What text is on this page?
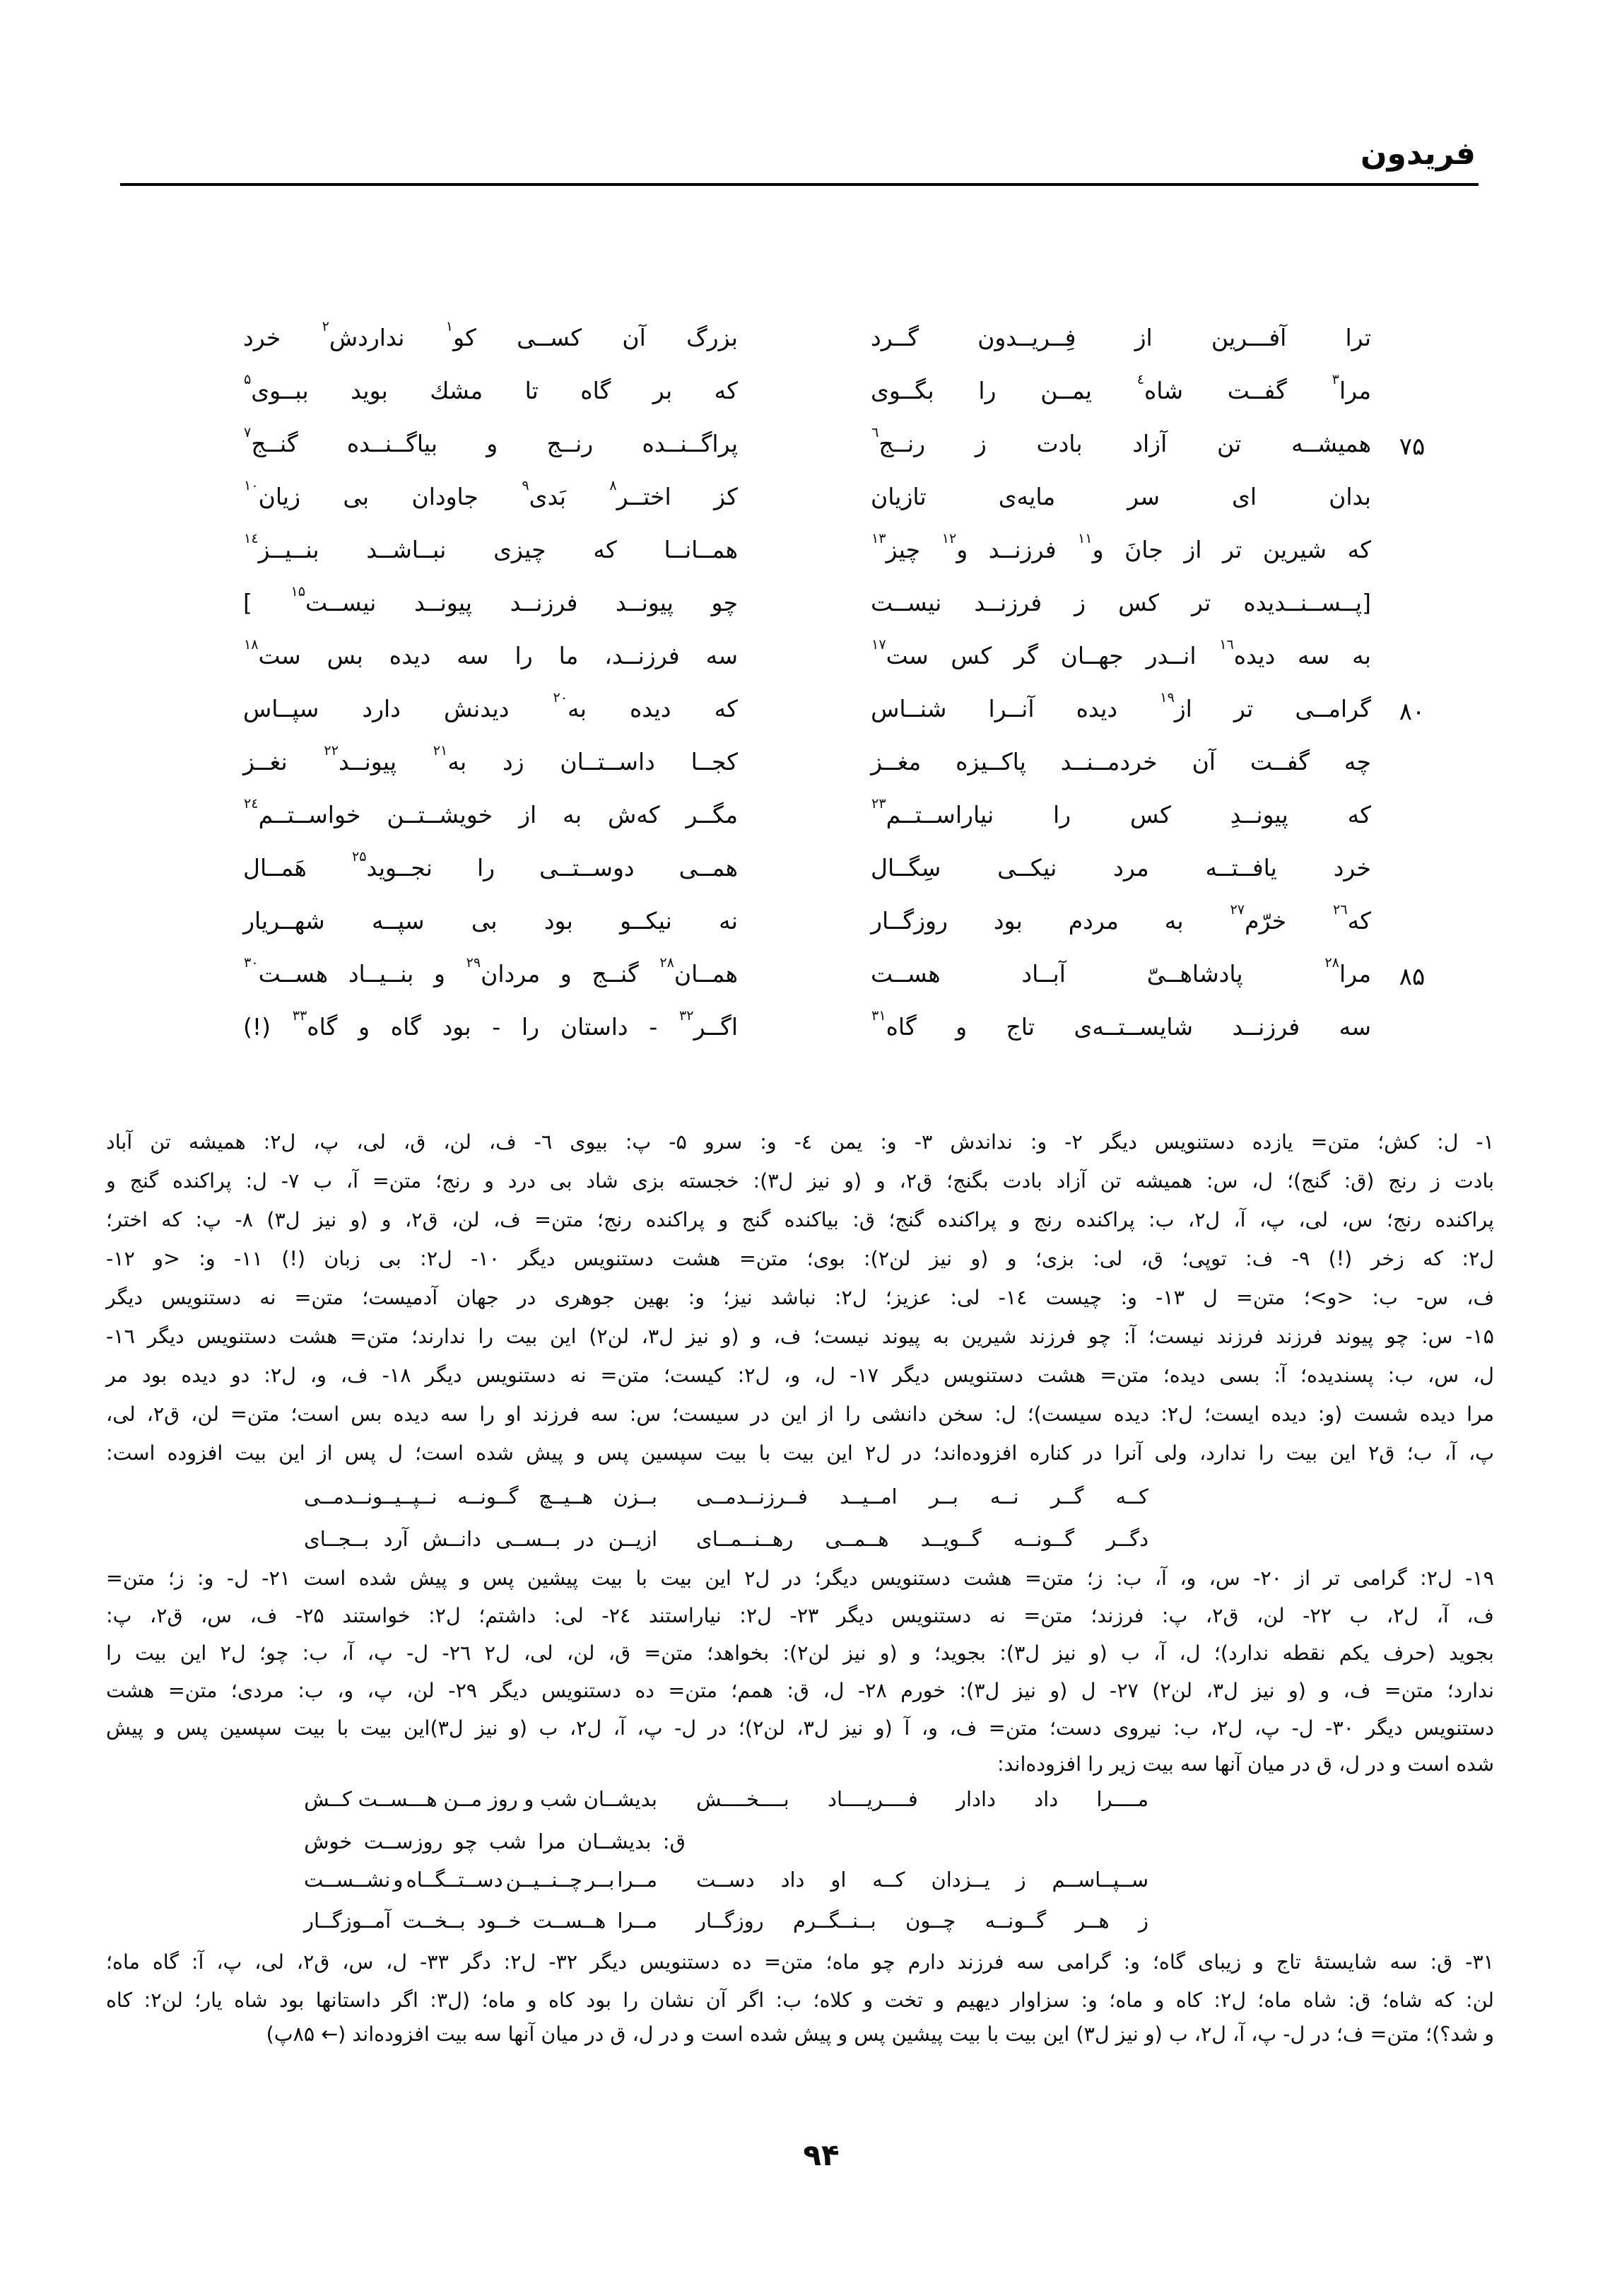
فریدون
ترا
آفـــرین
از
فِــریــدون
گــرد
بزرگ
آن
کســی
کو$^۱$
نداردش$^۲$
خرد
مرا$^۳$
گفــت
شاه$^٤$
یمــن
را
بگــوی
که
بر
گاه
تا
مشك
بوید
ببــوی$^۵$
۷۵
همیشــه
تن
آزاد
بادت
ز
رنــج$^٦$
پراگــنــده
رنــج
و
بیاگــنــده
گنــج$^۷$
بدان
ای
سر
مایه‌ی
تازیان
کز
اختــر$^۸$
بَدی$^۹$
جاودان
بی
زیان$^{۱۰}$
که
شیرین
تر
از
جانَ
و$^{۱۱}$
فرزنــد
و$^{۱۲}$
چیز$^{۱۳}$
همــانــا
که
چیزی
نبــاشــد
بنــیــز$^{۱٤}$
[پــســنــدیده
تر
کس
ز
فرزنــد
نیســت
چو
پیونــد
فرزنــد
پیونــد
نیســت$^{۱۵}$
]
به
سه
دیده$^{۱٦}$
انــدر
جهــان
گر
کس
ست$^{۱۷}$
سه
فرزنــد،
ما
را
سه
دیده
بس
ست$^{۱۸}$
۸۰
گرامــی
تر
از$^{۱۹}$
دیده
آنــرا
شنــاس
که
دیده
به$^{۲۰}$
دیدنش
دارد
سپــاس
چه
گفــت
آن
خردمــنــد
پاکــیزه
مغــز
کجــا
داســتــان
زد
به$^{۲۱}$
پیونــد$^{۲۲}$
نغــز
که
پیونــدِ
کس
را
نیاراســتــم$^{۲۳}$
مگــر
که‌ش
به
از
خویشــتــن
خواســتــم$^{۲٤}$
خرد
یافــتــه
مرد
نیکــی
سِگــال
همــی
دوســتــی
را
نجــوید$^{۲۵}$
هَمــال
که$^{۲٦}$
خرّم$^{۲۷}$
به
مردم
بود
روزگــار
نه
نیکــو
بود
بی
سپــه
شهــریار
۸۵
مرا$^{۲۸}$
پادشاهــیّ
آبــاد
هســت
همــان$^{۲۸}$
گنــج
و
مردان$^{۲۹}$
و
بنــیــاد
هســت$^{۳۰}$
سه
فرزنــد
شایســتــه‌ی
تاج
و
گاه$^{۳۱}$
اگــر$^{۳۲}$
-
داستان
را
-
بود
گاه
و
گاه$^{۳۳}$
(!)
۱- ل: کش؛ متن= یازده دستنویس دیگر ۲- و: نداندش ۳- و: یمن ٤- و: سرو ۵- پ: بیوی ٦- ف، لن، ق، لی، پ، ل۲: همیشه تن آباد
بادت ز رنج (ق: گنج)؛ ل، س: همیشه تن آزاد بادت بگنج؛ ق۲، و (و نیز ل۳): خجسته بزی شاد بی درد و رنج؛ متن= آ، ب ۷- ل: پراکنده گنج و
پراکنده رنج؛ س، لی، پ، آ، ل۲، ب: پراکنده رنج و پراکنده گنج؛ ق: بیاکنده گنج و پراکنده رنج؛ متن= ف، لن، ق۲، و (و نیز ل۳) ۸- پ: که اختر؛
ل۲: که زخر (!) ۹- ف: توپی؛ ق، لی: بزی؛ و (و نیز لن۲): بوی؛ متن= هشت دستنویس دیگر ۱۰- ل۲: بی زبان (!) ۱۱- و: <و ۱۲-
ف، س- ب: <و>؛ متن= ل ۱۳- و: چیست ۱٤- لی: عزیز؛ ل۲: نباشد نیز؛ و: بهین جوهری در جهان آدمیست؛ متن= نه دستنویس دیگر
۱۵- س: چو پیوند فرزند فرزند نیست؛ آ: چو فرزند شیرین به پیوند نیست؛ ف، و (و نیز ل۳، لن۲) این بیت را ندارند؛ متن= هشت دستنویس دیگر ۱٦-
ل، س، ب: پسندیده؛ آ: بسی دیده؛ متن= هشت دستنویس دیگر ۱۷- ل، و، ل۲: کیست؛ متن= نه دستنویس دیگر ۱۸- ف، و، ل۲: دو دیده بود مر
مرا دیده شست (و: دیده ایست؛ ل۲: دیده سیست)؛ ل: سخن دانشی را از این در سیست؛ س: سه فرزند او را سه دیده بس است؛ متن= لن، ق۲، لی،
پ، آ، ب؛ ق۲ این بیت را ندارد، ولی آنرا در کناره افزوده‌اند؛ در ل۲ این بیت با بیت سپسین پس و پیش شده است؛ ل پس از این بیت افزوده است:
کــه
گــر
نــه
بــر
امــیــد
فــرزنــدمــی
بــزن
هــیــچ
گــونــه
نــپــیــونــدمــی
دگــر
گــونــه
گــویــد
هــمــی
رهــنــمــای
ازیــن
در
بــســی
دانــش
آرد
بــجــای
۱۹- ل۲: گرامی تر از ۲۰- س، و، آ، ب: ز؛ متن= هشت دستنویس دیگر؛ در ل۲ این بیت با بیت پیشین پس و پیش شده است ۲۱- ل- و: ز؛ متن=
ف، آ، ل۲، ب ۲۲- لن، ق۲، پ: فرزند؛ متن= نه دستنویس دیگر ۲۳- ل۲: نیاراستند ۲٤- لی: داشتم؛ ل۲: خواستند ۲۵- ف، س، ق۲، پ:
بجوید (حرف یکم نقطه ندارد)؛ ل، آ، ب (و نیز ل۳): بجوید؛ و (و نیز لن۲): بخواهد؛ متن= ق، لن، لی، ل۲ ۲٦- ل- پ، آ، ب: چو؛ ل۲ این بیت را
ندارد؛ متن= ف، و (و نیز ل۳، لن۲) ۲۷- ل (و نیز ل۳): خورم ۲۸- ل، ق: همم؛ متن= ده دستنویس دیگر ۲۹- لن، پ، و، ب: مردی؛ متن= هشت
دستنویس دیگر ۳۰- ل- پ، ل۲، ب: نیروی دست؛ متن= ف، و، آ (و نیز ل۳، لن۲)؛ در ل- پ، آ، ل۲، ب (و نیز ل۳)این بیت با بیت سپسین پس و پیش
شده است و در ل، ق در میان آنها سه بیت زیر را افزوده‌اند:
مــــرا
داد
دادار
فــــریــــاد
بــــخــــش
بدیشــان
شب
و
روز
مــن
هـــســت
کــش
ق:
بدیشــان
مرا
شب
چو
روزســت
خوش
ســپــاســم
ز
یــزدان
کــه
او
داد
دســت
مــرا
بــر
چــنــیــن
دســتــگــاه
و
نشــســت
ز
هــر
گــونــه
چــون
بــنــگــرم
روزگــار
مــرا
هــســت
خــود
بــخــت
آمــوزگــار
۳۱- ق: سه شایستهٔ تاج و زیبای گاه؛ و: گرامی سه فرزند دارم چو ماه؛ متن= ده دستنویس دیگر ۳۲- ل۲: دگر ۳۳- ل، س، ق۲، لی، پ، آ: گاه ماه؛
لن: که شاه؛ ق: شاه ماه؛ ل۲: کاه و ماه؛ و: سزاوار دیهیم و تخت و کلاه؛ ب: اگر آن نشان را بود کاه و ماه؛ (ل۳: اگر داستانها بود شاه یار؛ لن۲: کاه
و شد؟)؛ متن= ف؛ در ل- پ، آ، ل۲، ب (و نیز ل۳) این بیت با بیت پیشین پس و پیش شده است و در ل، ق در میان آنها سه بیت افزوده‌اند (← ۸۵پ)
۹۴
